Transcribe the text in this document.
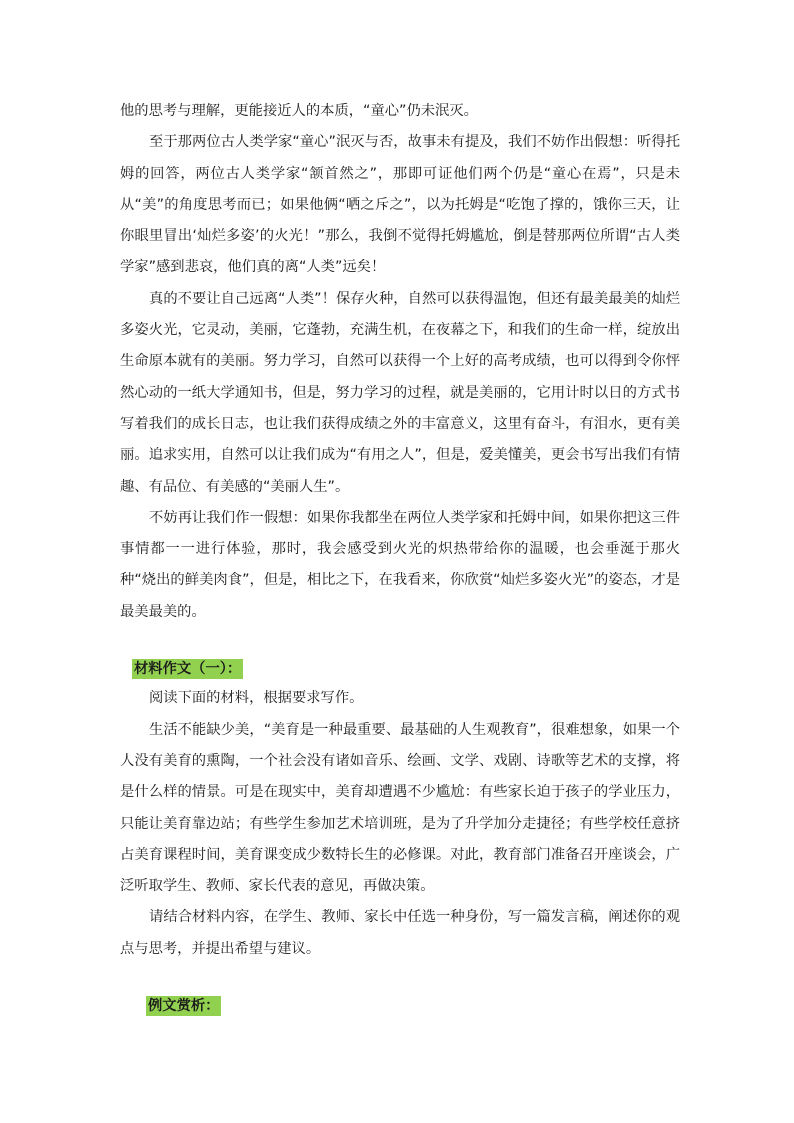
他的思考与理解，更能接近人的本质，“童心”仍未泯灭。

至于那两位古人类学家“童心”泯灭与否，故事未有提及，我们不妨作出假想：听得托姆的回答，两位古人类学家“颔首然之”，那即可证他们两个仍是“童心在焉”，只是未从“美”的角度思考而已；如果他俩“哂之斥之”，以为托姆是“吃饱了撑的，饿你三天，让你眼里冒出‘灿烂多姿’的火光！”那么，我倒不觉得托姆尴尬，倒是替那两位所谓“古人类学家”感到悲哀，他们真的离“人类”远矣！

真的不要让自己远离“人类”！保存火种，自然可以获得温饱，但还有最美最美的灿烂多姿火光，它灵动，美丽，它蓬勃，充满生机，在夜幕之下，和我们的生命一样，绽放出生命原本就有的美丽。努力学习，自然可以获得一个上好的高考成绩，也可以得到令你怦然心动的一纸大学通知书，但是，努力学习的过程，就是美丽的，它用计时以日的方式书写着我们的成长日志，也让我们获得成绩之外的丰富意义，这里有奋斗，有泪水，更有美丽。追求实用，自然可以让我们成为“有用之人”，但是，爱美懂美，更会书写出我们有情趣、有品位、有美感的“美丽人生”。

不妨再让我们作一假想：如果你我都坐在两位人类学家和托姆中间，如果你把这三件事情都一一进行体验，那时，我会感受到火光的炽热带给你的温暖，也会垂涎于那火种“烧出的鲜美肉食”，但是，相比之下，在我看来，你欣赏“灿烂多姿火光”的姿态，才是最美最美的。

材料作文（一）：

阅读下面的材料，根据要求写作。

生活不能缺少美，“美育是一种最重要、最基础的人生观教育”，很难想象，如果一个人没有美育的熏陶，一个社会没有诸如音乐、绘画、文学、戏剧、诗歌等艺术的支撑，将是什么样的情景。可是在现实中，美育却遭遇不少尴尬：有些家长迫于孩子的学业压力，只能让美育靠边站；有些学生参加艺术培训班，是为了升学加分走捷径；有些学校任意挤占美育课程时间，美育课变成少数特长生的必修课。对此，教育部门准备召开座谈会，广泛听取学生、教师、家长代表的意见，再做决策。

请结合材料内容，在学生、教师、家长中任选一种身份，写一篇发言稿，阐述你的观点与思考，并提出希望与建议。

例文赏析：
